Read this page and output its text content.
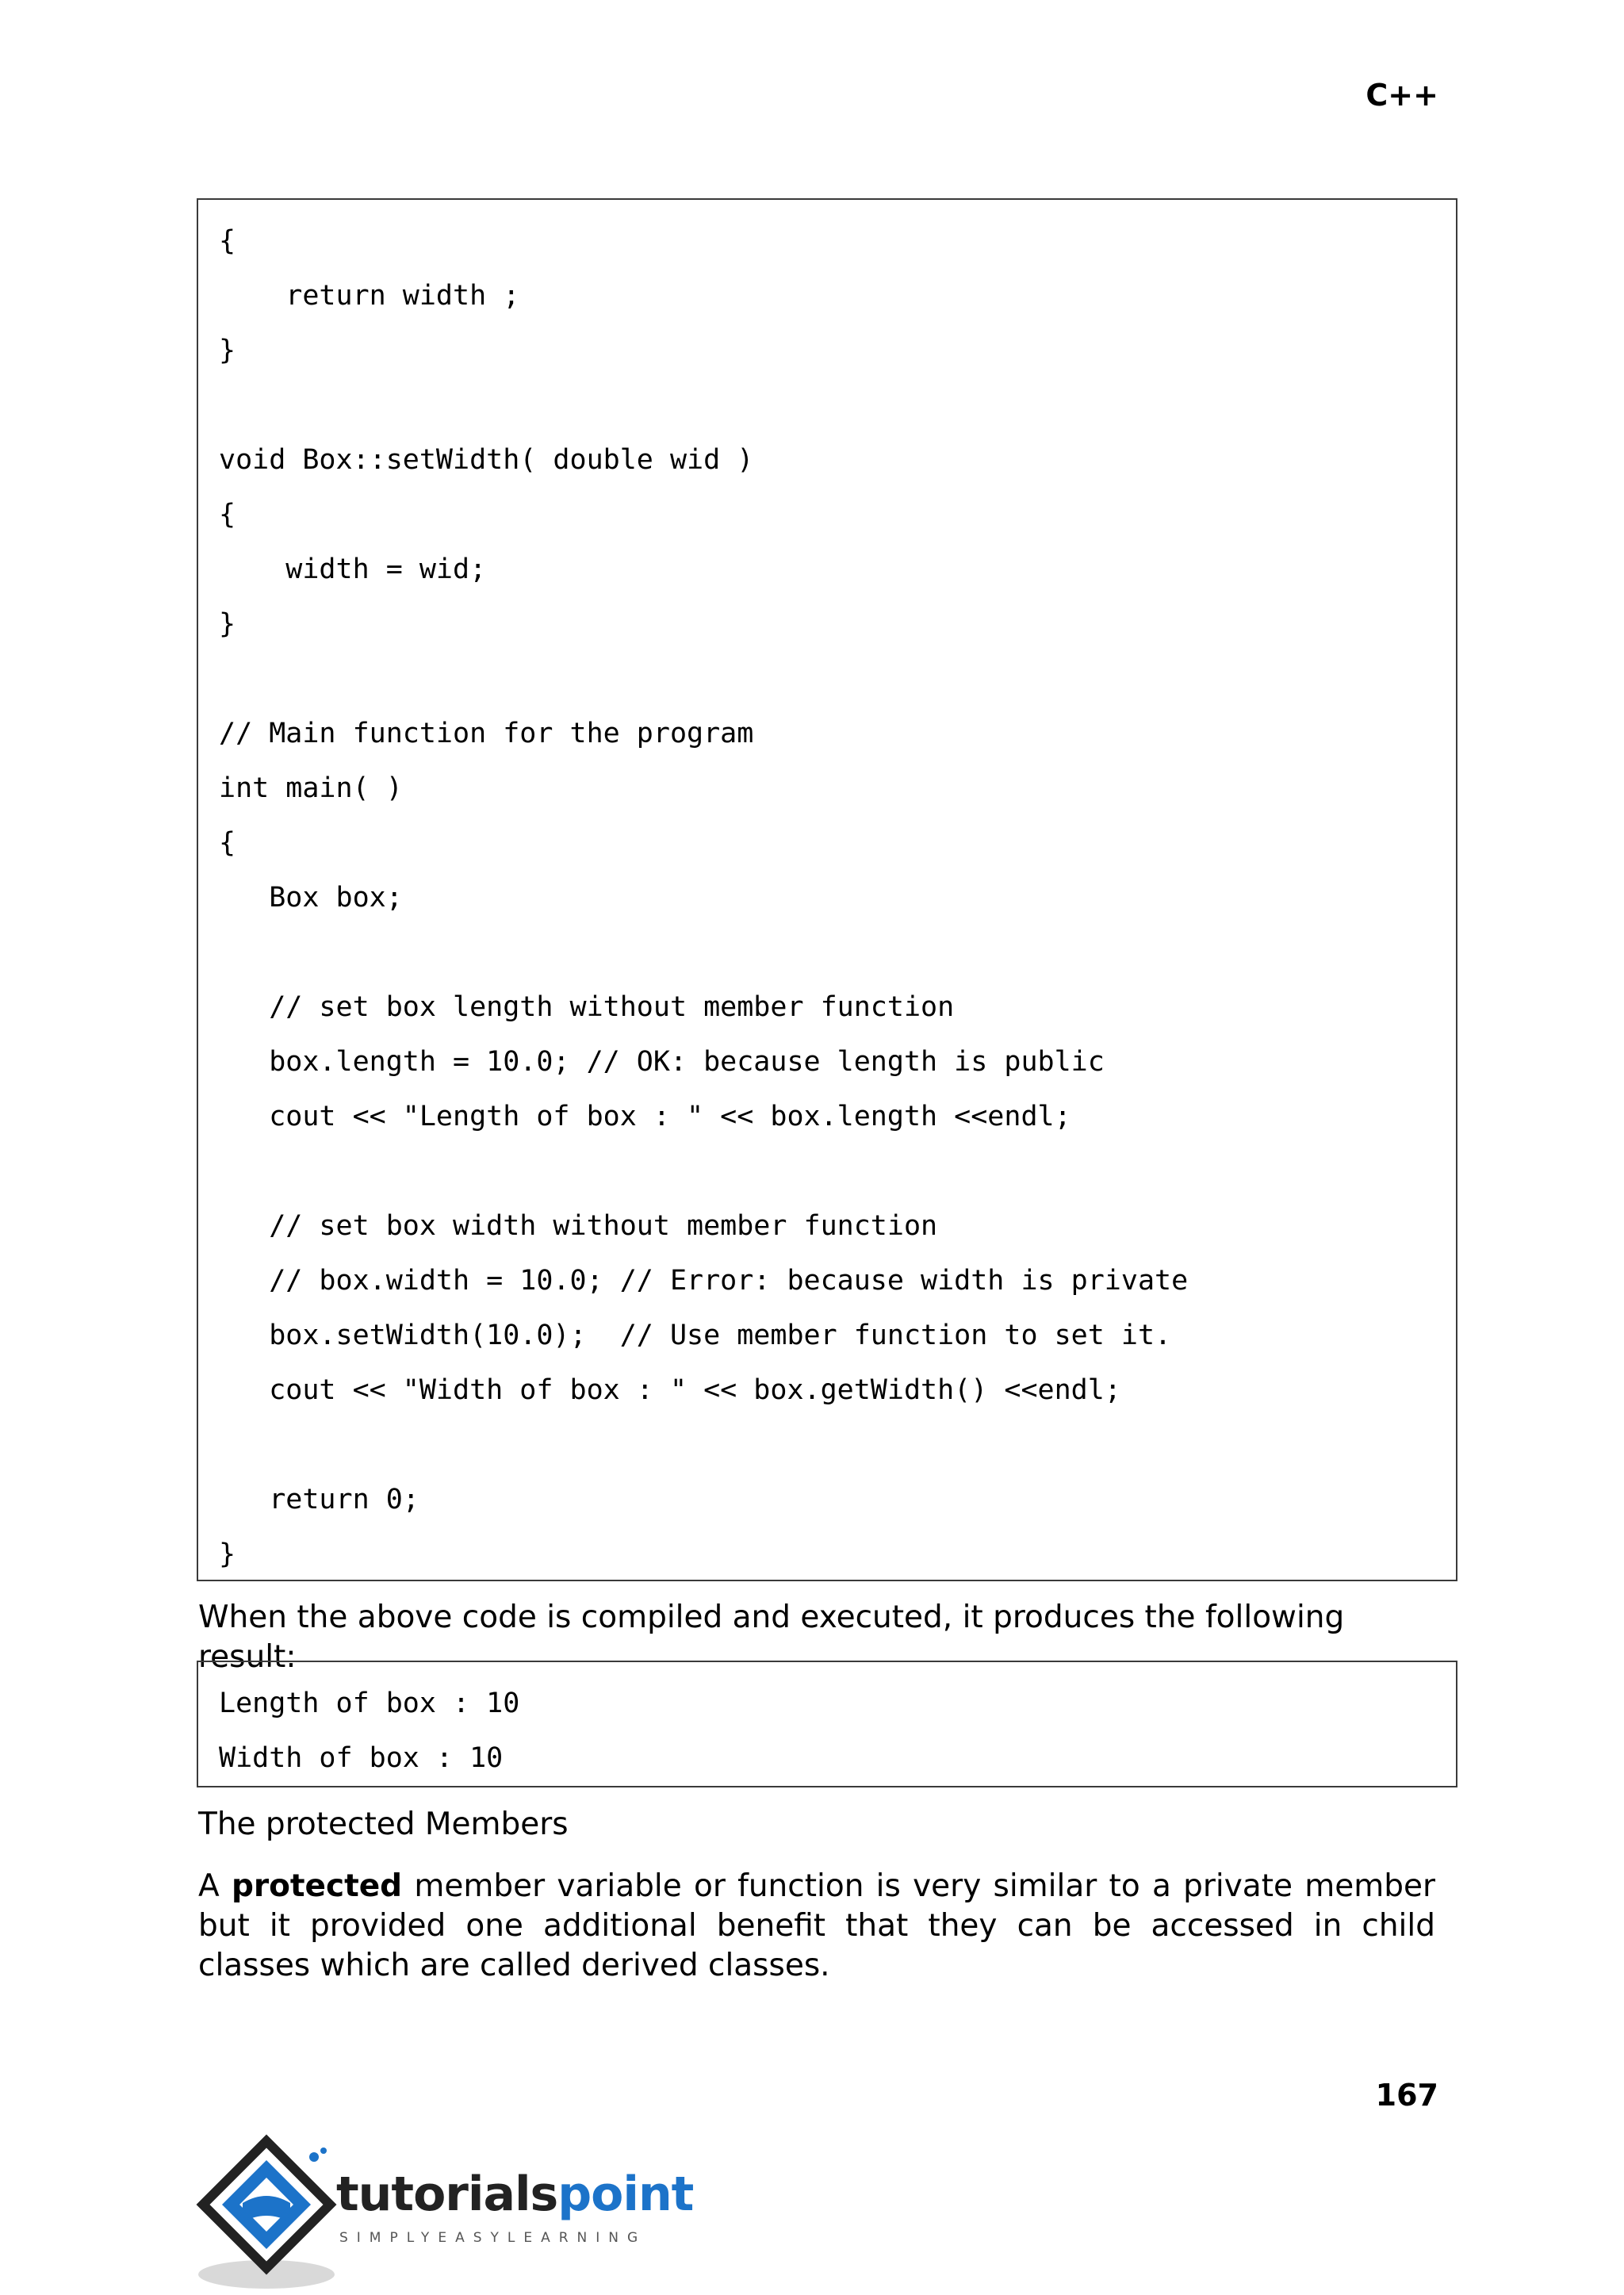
C++
{
return width ;
}
void Box::setWidth( double wid )
{
width = wid;
}
// Main function for the program
int main( )
{
Box box;
// set box length without member function
box.length = 10.0; // OK: because length is public
cout << "Length of box : " << box.length <<endl;
// set box width without member function
// box.width = 10.0; // Error: because width is private
box.setWidth(10.0);  // Use member function to set it.
cout << "Width of box : " << box.getWidth() <<endl;
return 0;
}
When the above code is compiled and executed, it produces the following result:
Length of box : 10
Width of box : 10
The protected Members
A protected member variable or function is very similar to a private member but it provided one additional benefit that they can be accessed in child classes which are called derived classes.
167
tutorialspoint
SIMPLYEASYLEARNING
